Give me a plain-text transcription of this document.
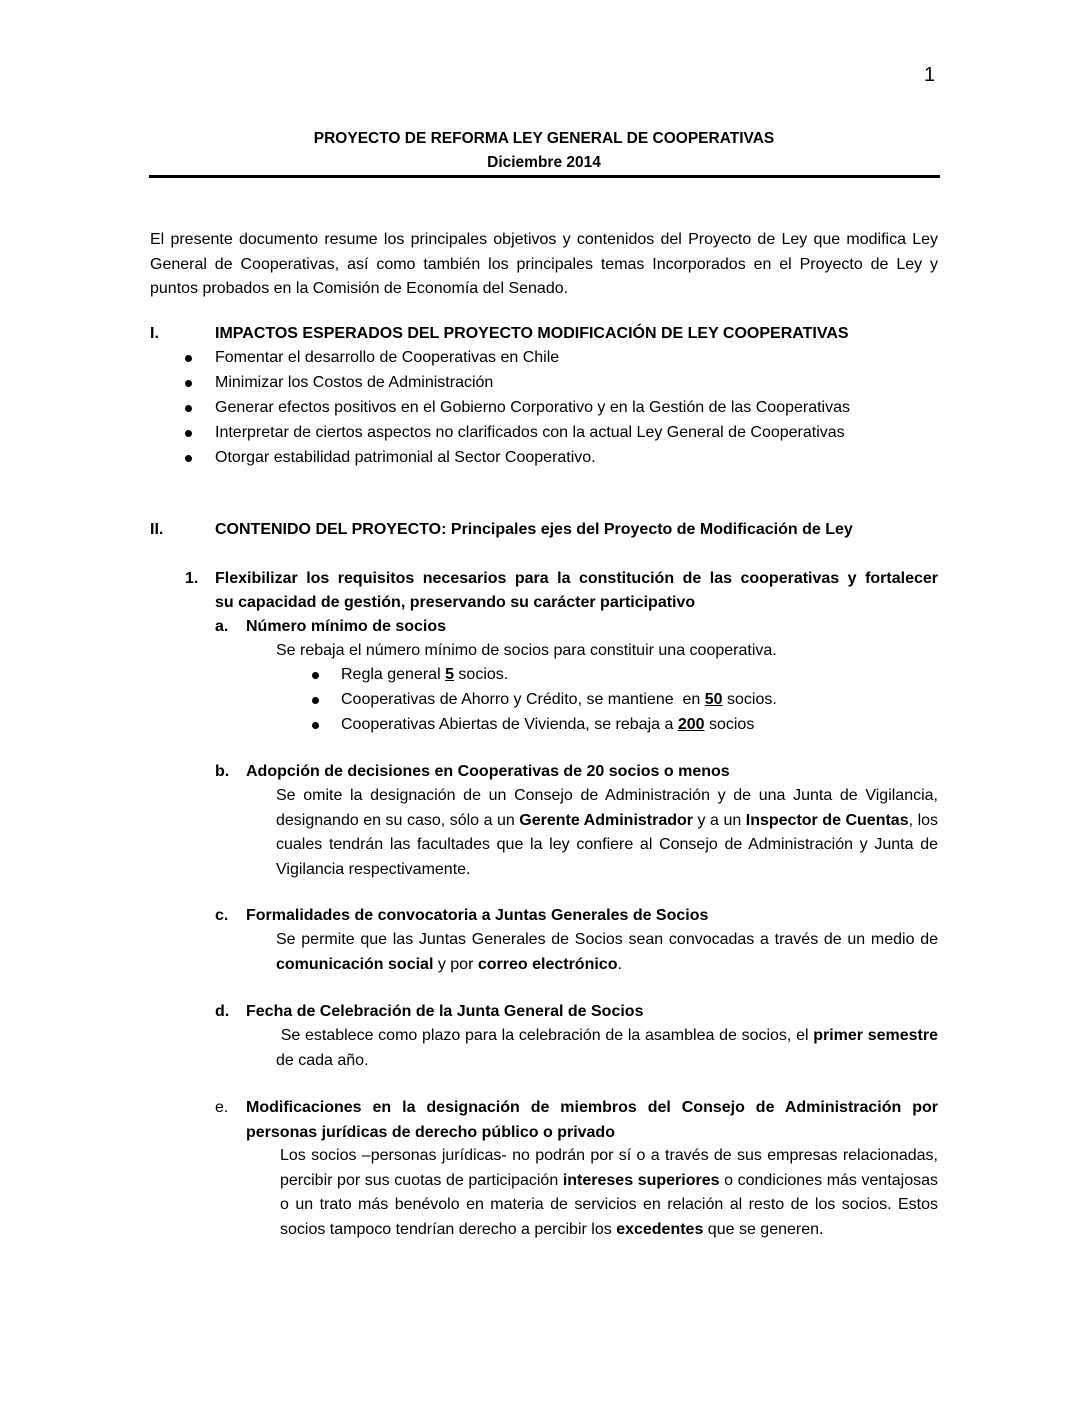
1
PROYECTO DE REFORMA LEY GENERAL DE COOPERATIVAS
Diciembre 2014
El presente documento resume los principales objetivos y contenidos del Proyecto de Ley que modifica Ley General de Cooperativas, así como también los principales temas Incorporados en el Proyecto de Ley y puntos probados en la Comisión de Economía del Senado.
I.	IMPACTOS ESPERADOS DEL PROYECTO MODIFICACIÓN DE LEY COOPERATIVAS
Fomentar el desarrollo de Cooperativas en Chile
Minimizar los Costos de Administración
Generar efectos positivos en el Gobierno Corporativo y en la Gestión de las Cooperativas
Interpretar de ciertos aspectos no clarificados con la actual Ley General de Cooperativas
Otorgar estabilidad patrimonial al Sector Cooperativo.
II.	CONTENIDO DEL PROYECTO: Principales ejes del Proyecto de Modificación de Ley
1. Flexibilizar los requisitos necesarios para la constitución de las cooperativas y fortalecer
su capacidad de gestión, preservando su carácter participativo
a. Número mínimo de socios
Se rebaja el número mínimo de socios para constituir una cooperativa.
Regla general 5 socios.
Cooperativas de Ahorro y Crédito, se mantiene  en 50 socios.
Cooperativas Abiertas de Vivienda, se rebaja a 200 socios
b. Adopción de decisiones en Cooperativas de 20 socios o menos
Se omite la designación de un Consejo de Administración y de una Junta de Vigilancia, designando en su caso, sólo a un Gerente Administrador y a un Inspector de Cuentas, los cuales tendrán las facultades que la ley confiere al Consejo de Administración y Junta de Vigilancia respectivamente.
c. Formalidades de convocatoria a Juntas Generales de Socios
Se permite que las Juntas Generales de Socios sean convocadas a través de un medio de comunicación social y por correo electrónico.
d. Fecha de Celebración de la Junta General de Socios
Se establece como plazo para la celebración de la asamblea de socios, el primer semestre de cada año.
e. Modificaciones en la designación de miembros del Consejo de Administración por personas jurídicas de derecho público o privado
Los socios –personas jurídicas- no podrán por sí o a través de sus empresas relacionadas, percibir por sus cuotas de participación intereses superiores o condiciones más ventajosas o un trato más benévolo en materia de servicios en relación al resto de los socios. Estos socios tampoco tendrían derecho a percibir los excedentes que se generen.
